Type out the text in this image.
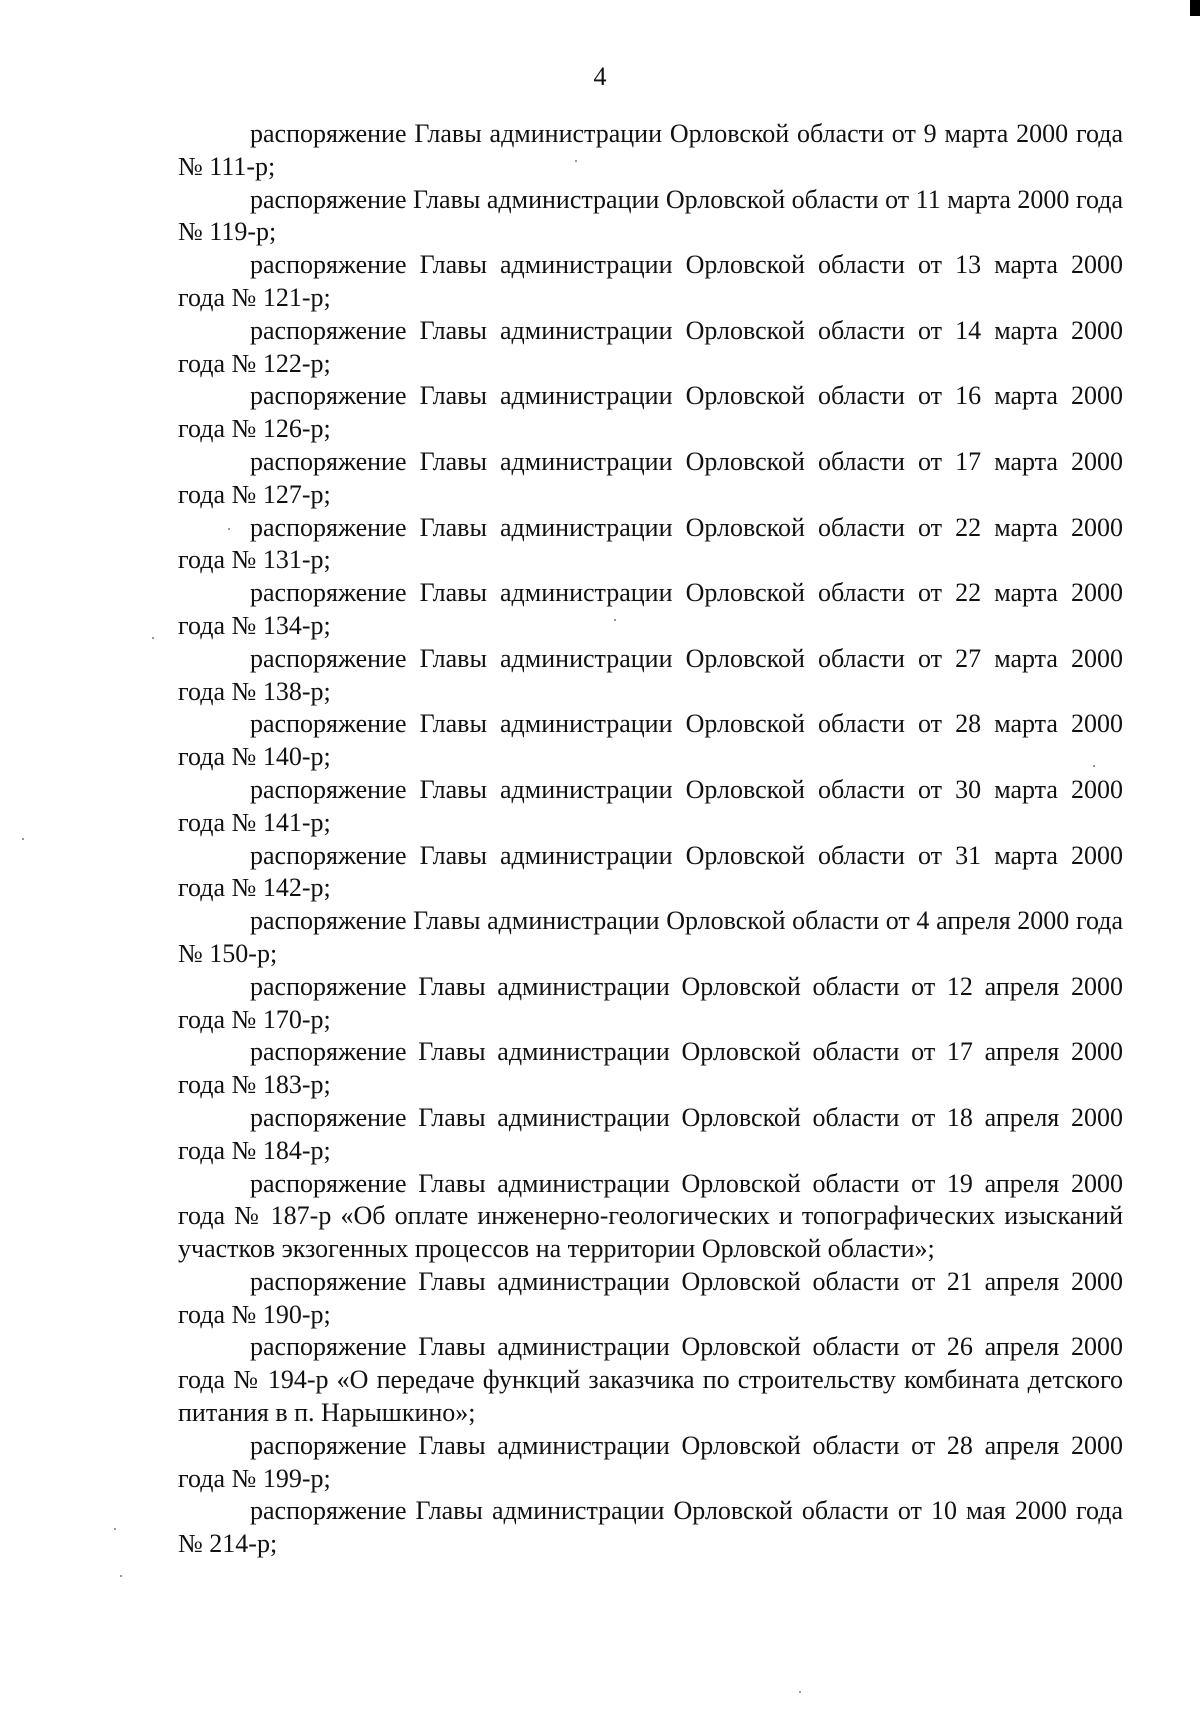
4

распоряжение Главы администрации Орловской области от 9 марта 2000 года № 111-р;

распоряжение Главы администрации Орловской области от 11 марта 2000 года № 119-р;

распоряжение Главы администрации Орловской области от 13 марта 2000 года № 121-р;

распоряжение Главы администрации Орловской области от 14 марта 2000 года № 122-р;

распоряжение Главы администрации Орловской области от 16 марта 2000 года № 126-р;

распоряжение Главы администрации Орловской области от 17 марта 2000 года № 127-р;

распоряжение Главы администрации Орловской области от 22 марта 2000 года № 131-р;

распоряжение Главы администрации Орловской области от 22 марта 2000 года № 134-р;

распоряжение Главы администрации Орловской области от 27 марта 2000 года № 138-р;

распоряжение Главы администрации Орловской области от 28 марта 2000 года № 140-р;

распоряжение Главы администрации Орловской области от 30 марта 2000 года № 141-р;

распоряжение Главы администрации Орловской области от 31 марта 2000 года № 142-р;

распоряжение Главы администрации Орловской области от 4 апреля 2000 года № 150-р;

распоряжение Главы администрации Орловской области от 12 апреля 2000 года № 170-р;

распоряжение Главы администрации Орловской области от 17 апреля 2000 года № 183-р;

распоряжение Главы администрации Орловской области от 18 апреля 2000 года № 184-р;

распоряжение Главы администрации Орловской области от 19 апреля 2000 года № 187-р «Об оплате инженерно-геологических и топографических изысканий участков экзогенных процессов на территории Орловской области»;

распоряжение Главы администрации Орловской области от 21 апреля 2000 года № 190-р;

распоряжение Главы администрации Орловской области от 26 апреля 2000 года № 194-р «О передаче функций заказчика по строительству комбината детского питания в п. Нарышкино»;

распоряжение Главы администрации Орловской области от 28 апреля 2000 года № 199-р;

распоряжение Главы администрации Орловской области от 10 мая 2000 года № 214-р;
